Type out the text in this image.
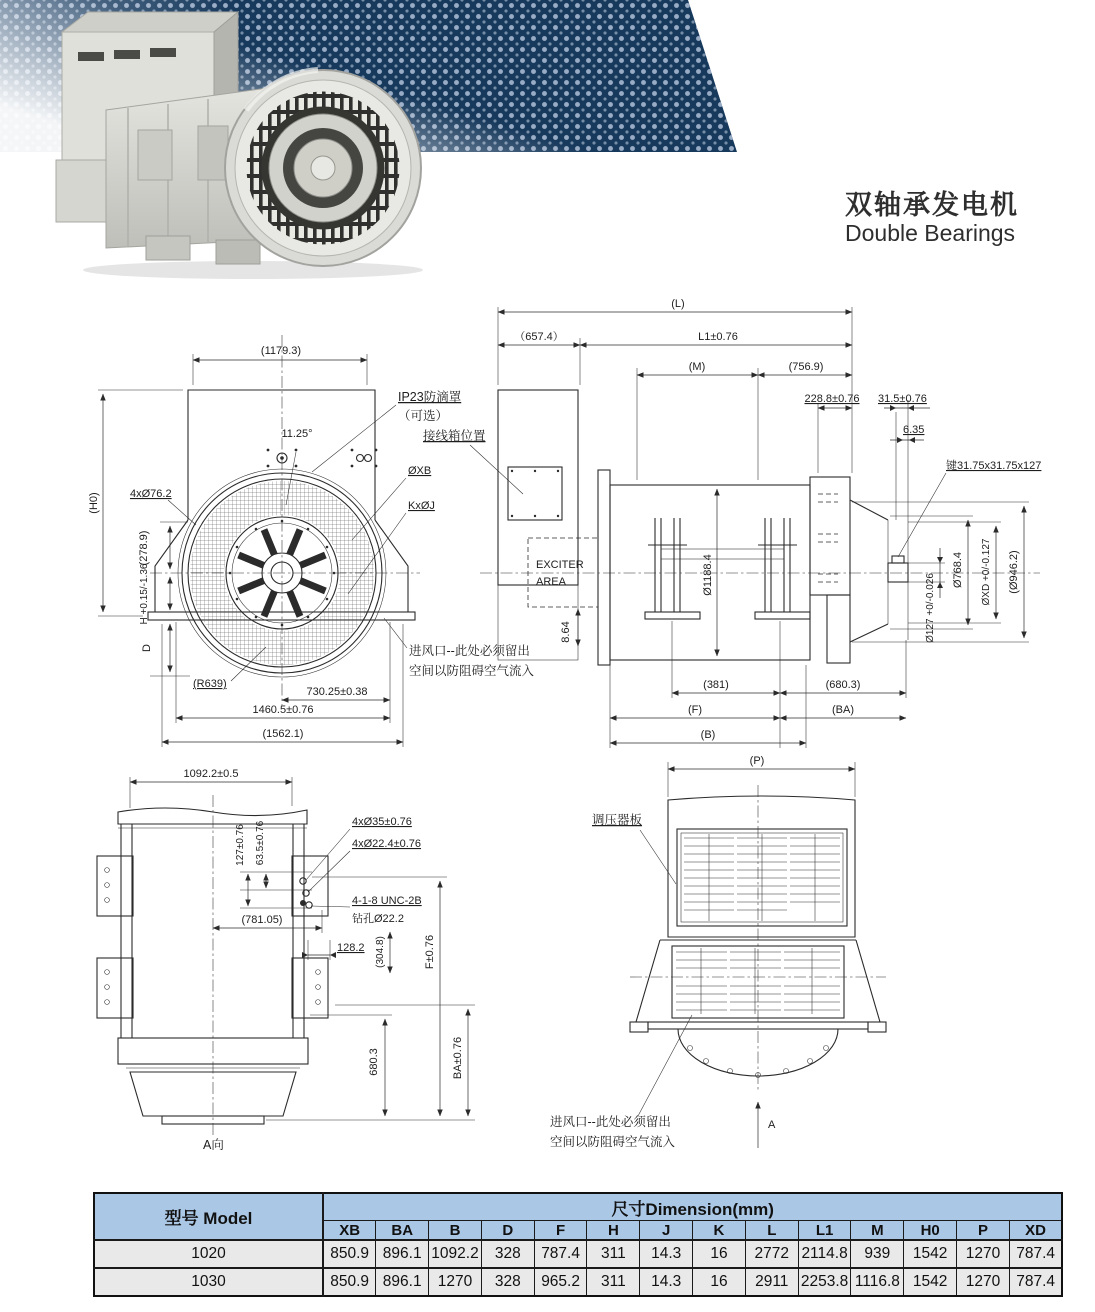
双轴承发电机
Double Bearings
(1179.3)
(H0)	4xØ76.2
(278.9)
H +0.15/-1.36
D
(R639)
730.25±0.38
1460.5±0.76
(1562.1)
11.25°
IP23防滴罩
（可选）
ØXB
KxØJ
进风口--此处必须留出
空间以防阻碍空气流入
EXCITER
AREA
(L)
（657.4）	L1±0.76
(M)	(756.9)
228.8±0.76 31.5±0.76
6.35
键31.75x31.75x127
接线箱位置
Ø1188.4
8.64
Ø768.4 ØXD +0/-0.127
Ø127 +0/-0.026
(Ø946.2)
(381)	(680.3)
(F)	(BA)
(B)
1092.2±0.5
127±0.76 63.5±0.76	4xØ35±0.76
4xØ22.4±0.76
4-1-8 UNC-2B
钻孔Ø22.2
(781.05)
128.2 (304.8)	F±0.76
BA±0.76
680.3
A向
(P)
调压器板
进风口--此处必须留出
空间以防阻碍空气流入
A
型号 Model	尺寸Dimension(mm)													
	XB	BA	B	D	F	H	J	K	L	L1	M	H0	P	XD
1020	850.9	896.1	1092.2	328	787.4	311	14.3	16	2772	2114.8	939	1542	1270	787.4
1030	850.9	896.1	1270	328	965.2	311	14.3	16	2911	2253.8	1116.8	1542	1270	787.4
